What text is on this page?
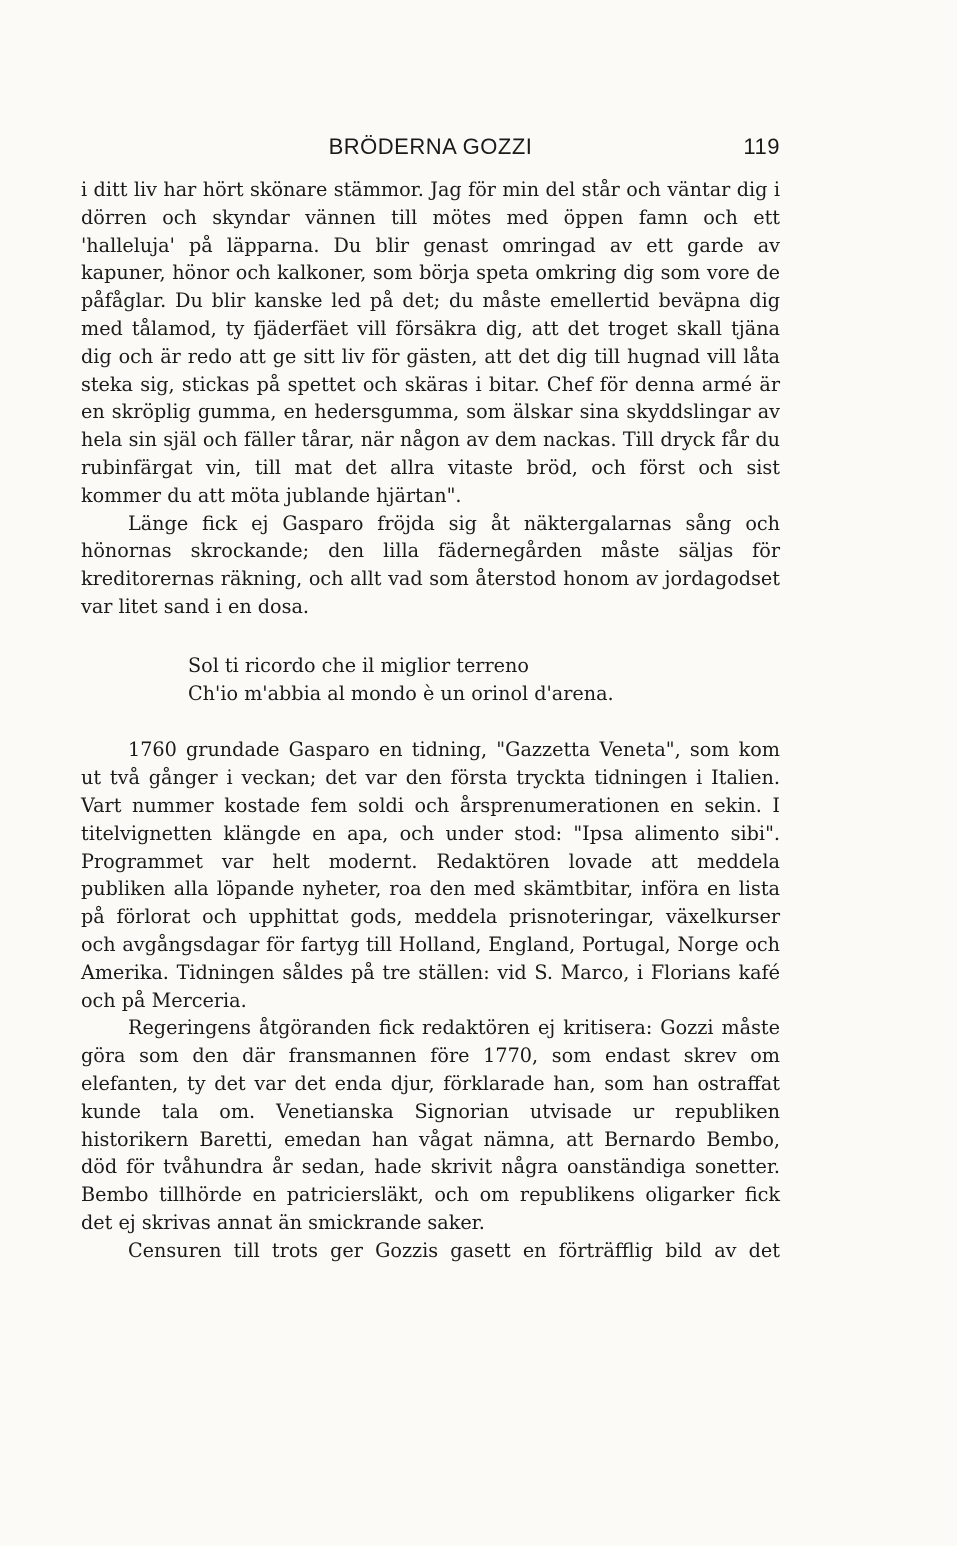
BRÖDERNA GOZZI	119

i ditt liv har hört skönare stämmor. Jag för min del står och väntar dig i dörren och skyndar vännen till mötes med öppen famn och ett 'halleluja' på läpparna. Du blir genast omringad av ett garde av kapuner, hönor och kalkoner, som börja speta omkring dig som vore de påfåglar. Du blir kanske led på det; du måste emellertid beväpna dig med tålamod, ty fjäderfäet vill försäkra dig, att det troget skall tjäna dig och är redo att ge sitt liv för gästen, att det dig till hugnad vill låta steka sig, stickas på spettet och skäras i bitar. Chef för denna armé är en skröplig gumma, en hedersgumma, som älskar sina skyddslingar av hela sin själ och fäller tårar, när någon av dem nackas. Till dryck får du rubinfärgat vin, till mat det allra vitaste bröd, och först och sist kommer du att möta jublande hjärtan".

Länge fick ej Gasparo fröjda sig åt näktergalarnas sång och hönornas skrockande; den lilla fädernegården måste säljas för kreditorernas räkning, och allt vad som återstod honom av jordagodset var litet sand i en dosa.

Sol ti ricordo che il miglior terreno
Ch'io m'abbia al mondo è un orinol d'arena.

1760 grundade Gasparo en tidning, "Gazzetta Veneta", som kom ut två gånger i veckan; det var den första tryckta tidningen i Italien. Vart nummer kostade fem soldi och årsprenumerationen en sekin. I titelvignetten klängde en apa, och under stod: "Ipsa alimento sibi". Programmet var helt modernt. Redaktören lovade att meddela publiken alla löpande nyheter, roa den med skämtbitar, införa en lista på förlorat och upphittat gods, meddela prisnoteringar, växelkurser och avgångsdagar för fartyg till Holland, England, Portugal, Norge och Amerika. Tidningen såldes på tre ställen: vid S. Marco, i Florians kafé och på Merceria.

Regeringens åtgöranden fick redaktören ej kritisera: Gozzi måste göra som den där fransmannen före 1770, som endast skrev om elefanten, ty det var det enda djur, förklarade han, som han ostraffat kunde tala om. Venetianska Signorian utvisade ur republiken historikern Baretti, emedan han vågat nämna, att Bernardo Bembo, död för tvåhundra år sedan, hade skrivit några oanständiga sonetter. Bembo tillhörde en patriciersläkt, och om republikens oligarker fick det ej skrivas annat än smickrande saker.

Censuren till trots ger Gozzis gasett en förträfflig bild av det
